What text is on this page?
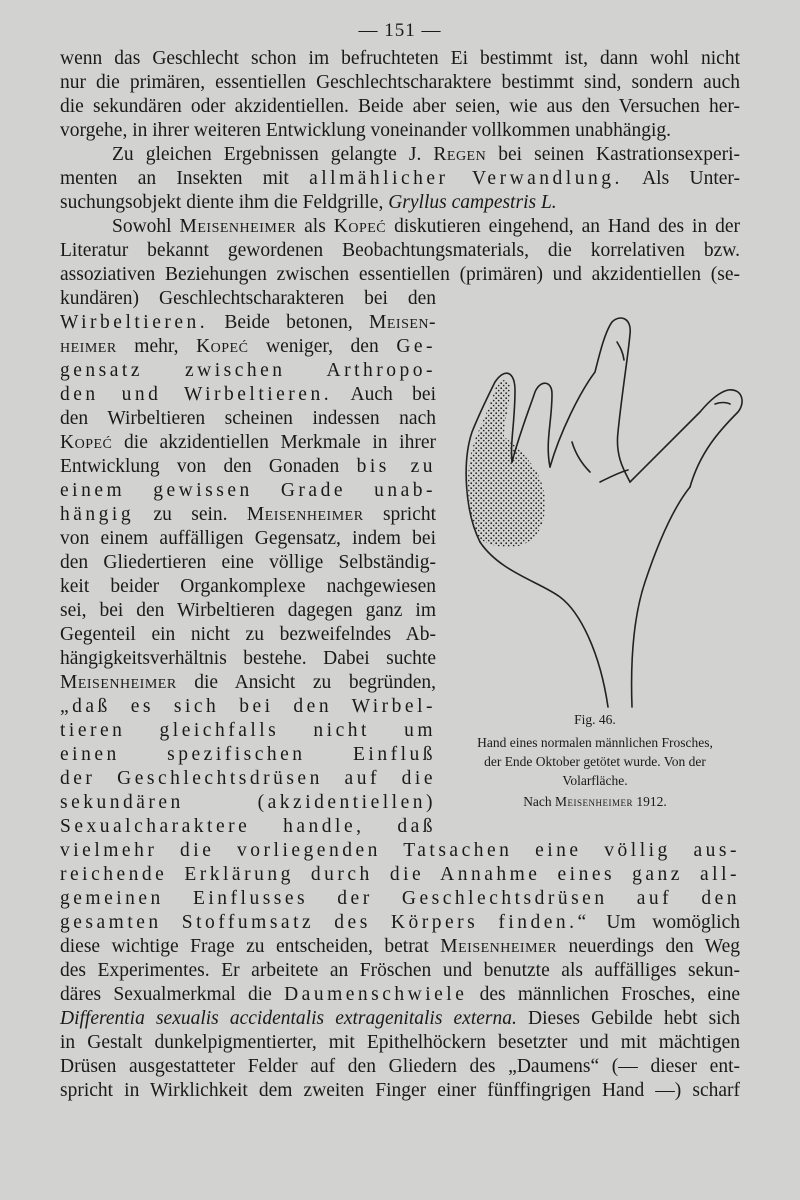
— 151 —
wenn das Geschlecht schon im befruchteten Ei bestimmt ist, dann wohl nicht
nur die primären, essentiellen Geschlechtscharaktere bestimmt sind, sondern auch
die sekundären oder akzidentiellen. Beide aber seien, wie aus den Versuchen her-
vorgehe, in ihrer weiteren Entwicklung voneinander vollkommen unabhängig.
Zu gleichen Ergebnissen gelangte J. Regen bei seinen Kastrationsexperi-
menten an Insekten mit allmählicher Verwandlung. Als Unter-
suchungsobjekt diente ihm die Feldgrille, Gryllus campestris L.
Sowohl Meisenheimer als Kopeć diskutieren eingehend, an Hand des in der
Literatur bekannt gewordenen Beobachtungsmaterials, die korrelativen bzw.
assoziativen Beziehungen zwischen essentiellen (primären) und akzidentiellen (se-
kundären) Geschlechtscharakteren bei den
Wirbeltieren. Beide betonen, Meisen-
heimer mehr, Kopeć weniger, den Ge-
gensatz zwischen Arthropo-
den und Wirbeltieren. Auch bei
den Wirbeltieren scheinen indessen nach
Kopeć die akzidentiellen Merkmale in ihrer
Entwicklung von den Gonaden bis zu
einem gewissen Grade unab-
hängig zu sein. Meisenheimer spricht
von einem auffälligen Gegensatz, indem bei
den Gliedertieren eine völlige Selbständig-
keit beider Organkomplexe nachgewiesen
sei, bei den Wirbeltieren dagegen ganz im
Gegenteil ein nicht zu bezweifelndes Ab-
hängigkeitsverhältnis bestehe. Dabei suchte
Meisenheimer die Ansicht zu begründen,
„daß es sich bei den Wirbel-
tieren gleichfalls nicht um
einen spezifischen Einfluß
der Geschlechtsdrüsen auf die
sekundären (akzidentiellen)
Sexualcharaktere handle, daß
vielmehr die vorliegenden Tatsachen eine völlig aus-
reichende Erklärung durch die Annahme eines ganz all-
gemeinen Einflusses der Geschlechtsdrüsen auf den
gesamten Stoffumsatz des Körpers finden.“ Um womöglich
diese wichtige Frage zu entscheiden, betrat Meisenheimer neuerdings den Weg
des Experimentes. Er arbeitete an Fröschen und benutzte als auffälliges sekun-
däres Sexualmerkmal die Daumenschwiele des männlichen Frosches, eine
Differentia sexualis accidentalis extragenitalis externa. Dieses Gebilde hebt sich
in Gestalt dunkelpigmentierter, mit Epithelhöckern besetzter und mit mächtigen
Drüsen ausgestatteter Felder auf den Gliedern des „Daumens“ (— dieser ent-
spricht in Wirklichkeit dem zweiten Finger einer fünffingrigen Hand —) scharf
Fig. 46.
Hand eines normalen männlichen Frosches,
der Ende Oktober getötet wurde. Von der
Volarfläche.
Nach Meisenheimer 1912.
